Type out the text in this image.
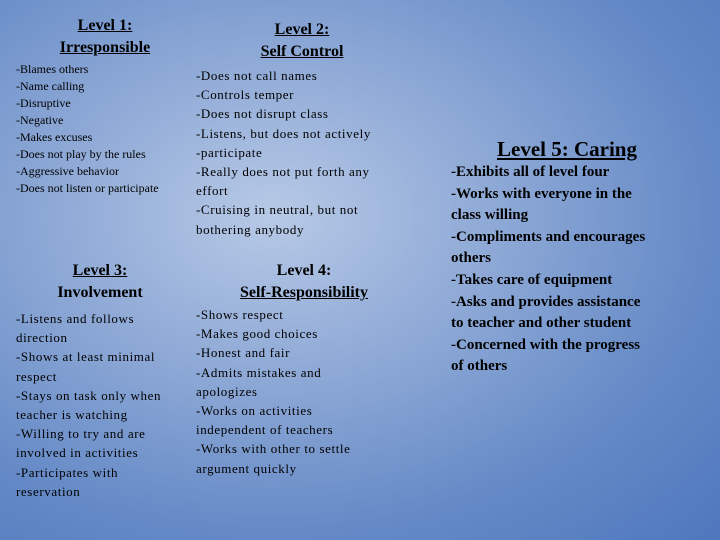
Level 1:
Irresponsible

-Blames others
-Name calling
-Disruptive
-Negative
-Makes excuses
-Does not play by the rules
-Aggressive behavior
-Does not listen or participate

Level 2:
Self Control

-Does not call names
-Controls temper
-Does not disrupt class
-Listens, but does not actively
-participate
-Really does not put forth any
effort
-Cruising in neutral, but not
bothering anybody

Level 3:
Involvement

-Listens and follows
direction
-Shows at least minimal
respect
-Stays on task only when
teacher is watching
-Willing to try and are
involved in activities
-Participates with
reservation

Level 4:
Self-Responsibility

-Shows respect
-Makes good choices
-Honest and fair
-Admits mistakes and
apologizes
-Works on activities
independent of teachers
-Works with other to settle
argument quickly

Level 5: Caring

-Exhibits all of level four
-Works with everyone in the
class willing
-Compliments and encourages
others
-Takes care of equipment
-Asks and provides assistance
to teacher and other student
-Concerned with the progress
of others
